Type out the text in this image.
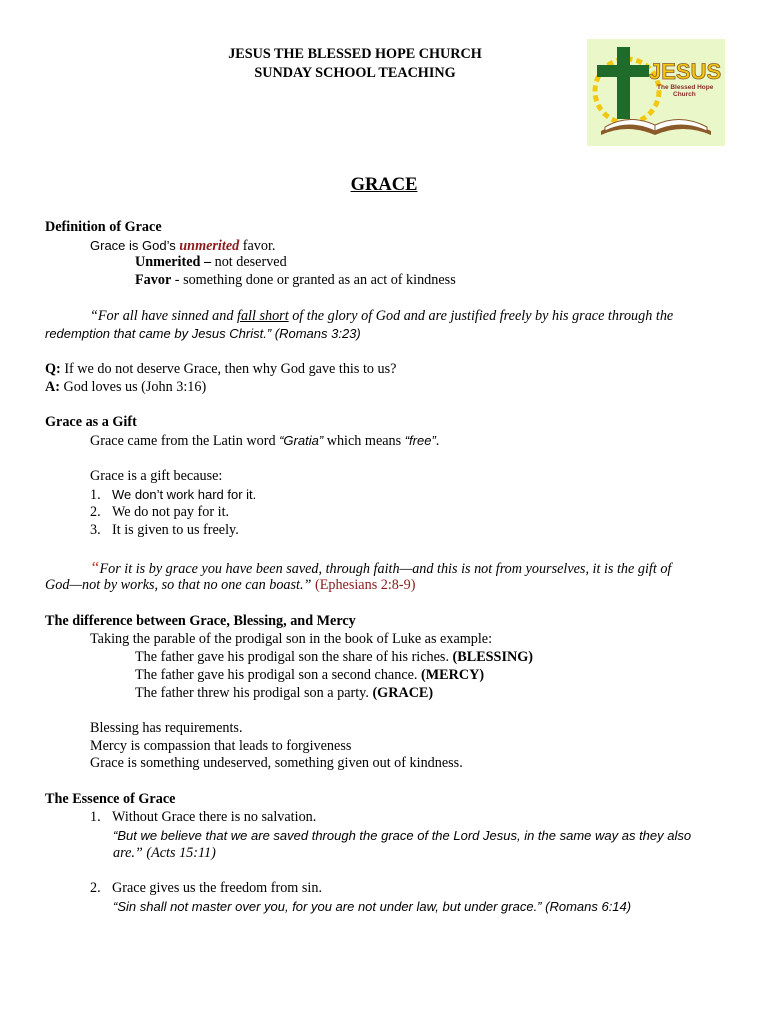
JESUS THE BLESSED HOPE CHURCH
SUNDAY SCHOOL TEACHING	JESUS
The Blessed Hope
Church
GRACE
Definition of Grace
Grace is God’s unmerited favor.
Unmerited – not deserved
Favor - something done or granted as an act of kindness
“For all have sinned and fall short of the glory of God and are justified freely by his grace through the
redemption that came by Jesus Christ.” (Romans 3:23)
Q: If we do not deserve Grace, then why God gave this to us?
A: God loves us (John 3:16)
Grace as a Gift
Grace came from the Latin word “Gratia” which means “free”.
Grace is a gift because:
1. We don’t work hard for it.
2. We do not pay for it.
3. It is given to us freely.
“For it is by grace you have been saved, through faith—and this is not from yourselves, it is the gift of
God—not by works, so that no one can boast.” (Ephesians 2:8-9)
The difference between Grace, Blessing, and Mercy
Taking the parable of the prodigal son in the book of Luke as example:
The father gave his prodigal son the share of his riches. (BLESSING)
The father gave his prodigal son a second chance. (MERCY)
The father threw his prodigal son a party. (GRACE)
Blessing has requirements.
Mercy is compassion that leads to forgiveness
Grace is something undeserved, something given out of kindness.
The Essence of Grace
1. Without Grace there is no salvation.
“But we believe that we are saved through the grace of the Lord Jesus, in the same way as they also
are.” (Acts 15:11)
2. Grace gives us the freedom from sin.
“Sin shall not master over you, for you are not under law, but under grace.” (Romans 6:14)
